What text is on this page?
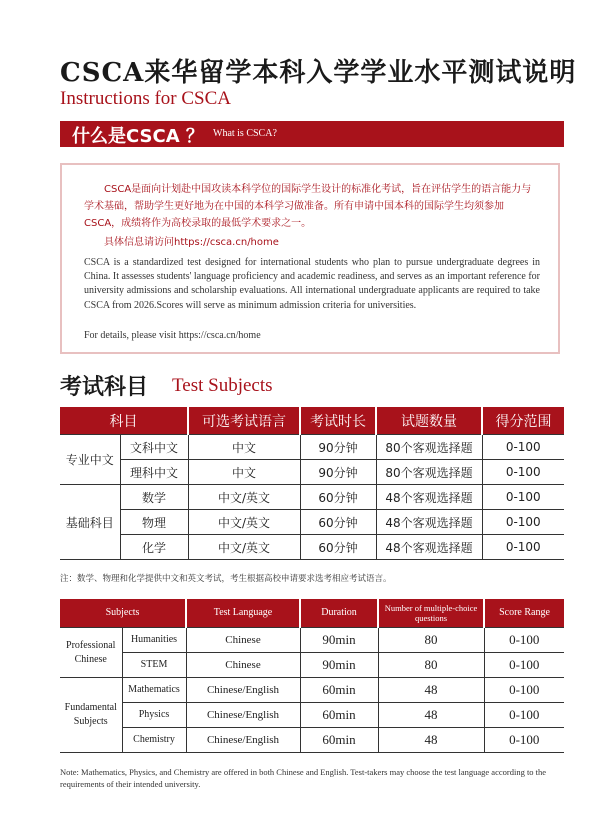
CSCA来华留学本科入学学业水平测试说明
Instructions for CSCA
什么是CSCA ？ What is CSCA?
CSCA是面向计划赴中国攻读本科学位的国际学生设计的标准化考试，旨在评估学生的语言能力与学术基础，帮助学生更好地为在中国的本科学习做准备。所有申请中国本科的国际学生均须参加CSCA，成绩将作为高校录取的最低学术要求之一。
具体信息请访问https://csca.cn/home
CSCA is a standardized test designed for international students who plan to pursue undergraduate degrees in China. It assesses students' language proficiency and academic readiness, and serves as an important reference for university admissions and scholarship evaluations. All international undergraduate applicants are required to take CSCA from 2026.Scores will serve as minimum admission criteria for universities.
For details, please visit https://csca.cn/home
考试科目 Test Subjects
科目		可选考试语言	考试时长	试题数量	得分范围
专业中文	文科中文	中文	90分钟	80个客观选择题	0-100
	理科中文	中文	90分钟	80个客观选择题	0-100
基础科目	数学	中文/英文	60分钟	48个客观选择题	0-100
	物理	中文/英文	60分钟	48个客观选择题	0-100
	化学	中文/英文	60分钟	48个客观选择题	0-100
注：数学、物理和化学提供中文和英文考试，考生根据高校申请要求选考相应考试语言。
Subjects		Test Language	Duration	Number of multiple-choice questions	Score Range
Professional Chinese	Humanities	Chinese	90min	80	0-100
	STEM	Chinese	90min	80	0-100
Fundamental Subjects	Mathematics	Chinese/English	60min	48	0-100
	Physics	Chinese/English	60min	48	0-100
	Chemistry	Chinese/English	60min	48	0-100
Note: Mathematics, Physics, and Chemistry are offered in both Chinese and English. Test-takers may choose the test language according to the requirements of their intended university.
